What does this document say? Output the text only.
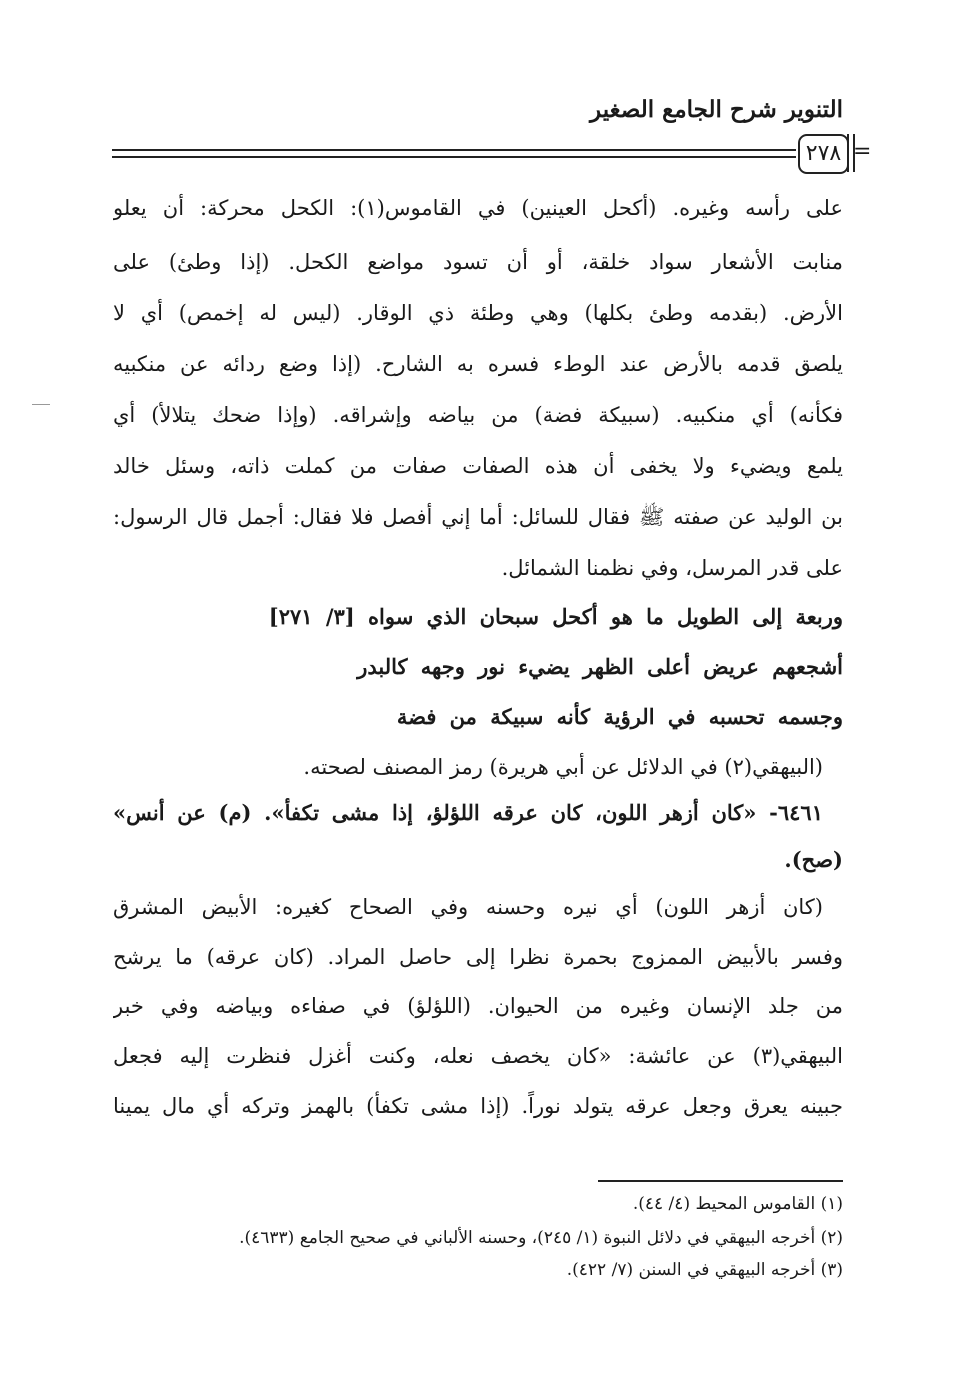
التنوير شرح الجامع الصغير
٢٧٨ =
على رأسه وغيره. (أكحل العينين) في القاموس(١): الكحل محركة: أن يعلو
منابت الأشعار سواد خلقة، أو أن تسود مواضع الكحل. (إذا وطئ) على
الأرض. (بقدمه وطئ بكلها) وهي وطئة ذي الوقار. (ليس له إخمص) أي لا
يلصق قدمه بالأرض عند الوطء فسره به الشارح. (إذا وضع ردائه عن منكبيه
فكأنه) أي منكبيه. (سبيكة فضة) من بياضه وإشراقه. (وإذا ضحك يتلالأ) أي
يلمع ويضيء ولا يخفى أن هذه الصفات صفات من كملت ذاته، وسئل خالد
بن الوليد عن صفته ﷺ فقال للسائل: أما إني أفصل فلا فقال: أجمل قال الرسول:
على قدر المرسل، وفي نظمنا الشمائل.
وربعة إلى الطويل ما هو أكحل سبحان الذي سواه [٣/ ٢٧١]
أشجعهم عريض أعلى الظهر يضيء نور وجهه كالبدر
وجسمه تحسبه في الرؤية كأنه سبيكة من فضة
(البيهقي(٢) في الدلائل عن أبي هريرة) رمز المصنف لصحته.
٦٤٦١- «كان أزهر اللون، كان عرقه اللؤلؤ، إذا مشى تكفأ». (م) عن أنس»
(صح).
(كان أزهر اللون) أي نيره وحسنه وفي الصحاح كغيره: الأبيض المشرق
وفسر بالأبيض الممزوج بحمرة نظرا إلى حاصل المراد. (كان عرقه) ما يرشح
من جلد الإنسان وغيره من الحيوان. (اللؤلؤ) في صفاءه وبياضه وفي خبر
البيهقي(٣) عن عائشة: «كان يخصف نعله، وكنت أغزل فنظرت إليه فجعل
جبينه يعرق وجعل عرقه يتولد نوراً. (إذا مشى تكفأ) بالهمز وتركه أي مال يمينا
(١) القاموس المحيط (٤/ ٤٤).
(٢) أخرجه البيهقي في دلائل النبوة (١/ ٢٤٥)، وحسنه الألباني في صحيح الجامع (٤٦٣٣).
(٣) أخرجه البيهقي في السنن (٧/ ٤٢٢).
